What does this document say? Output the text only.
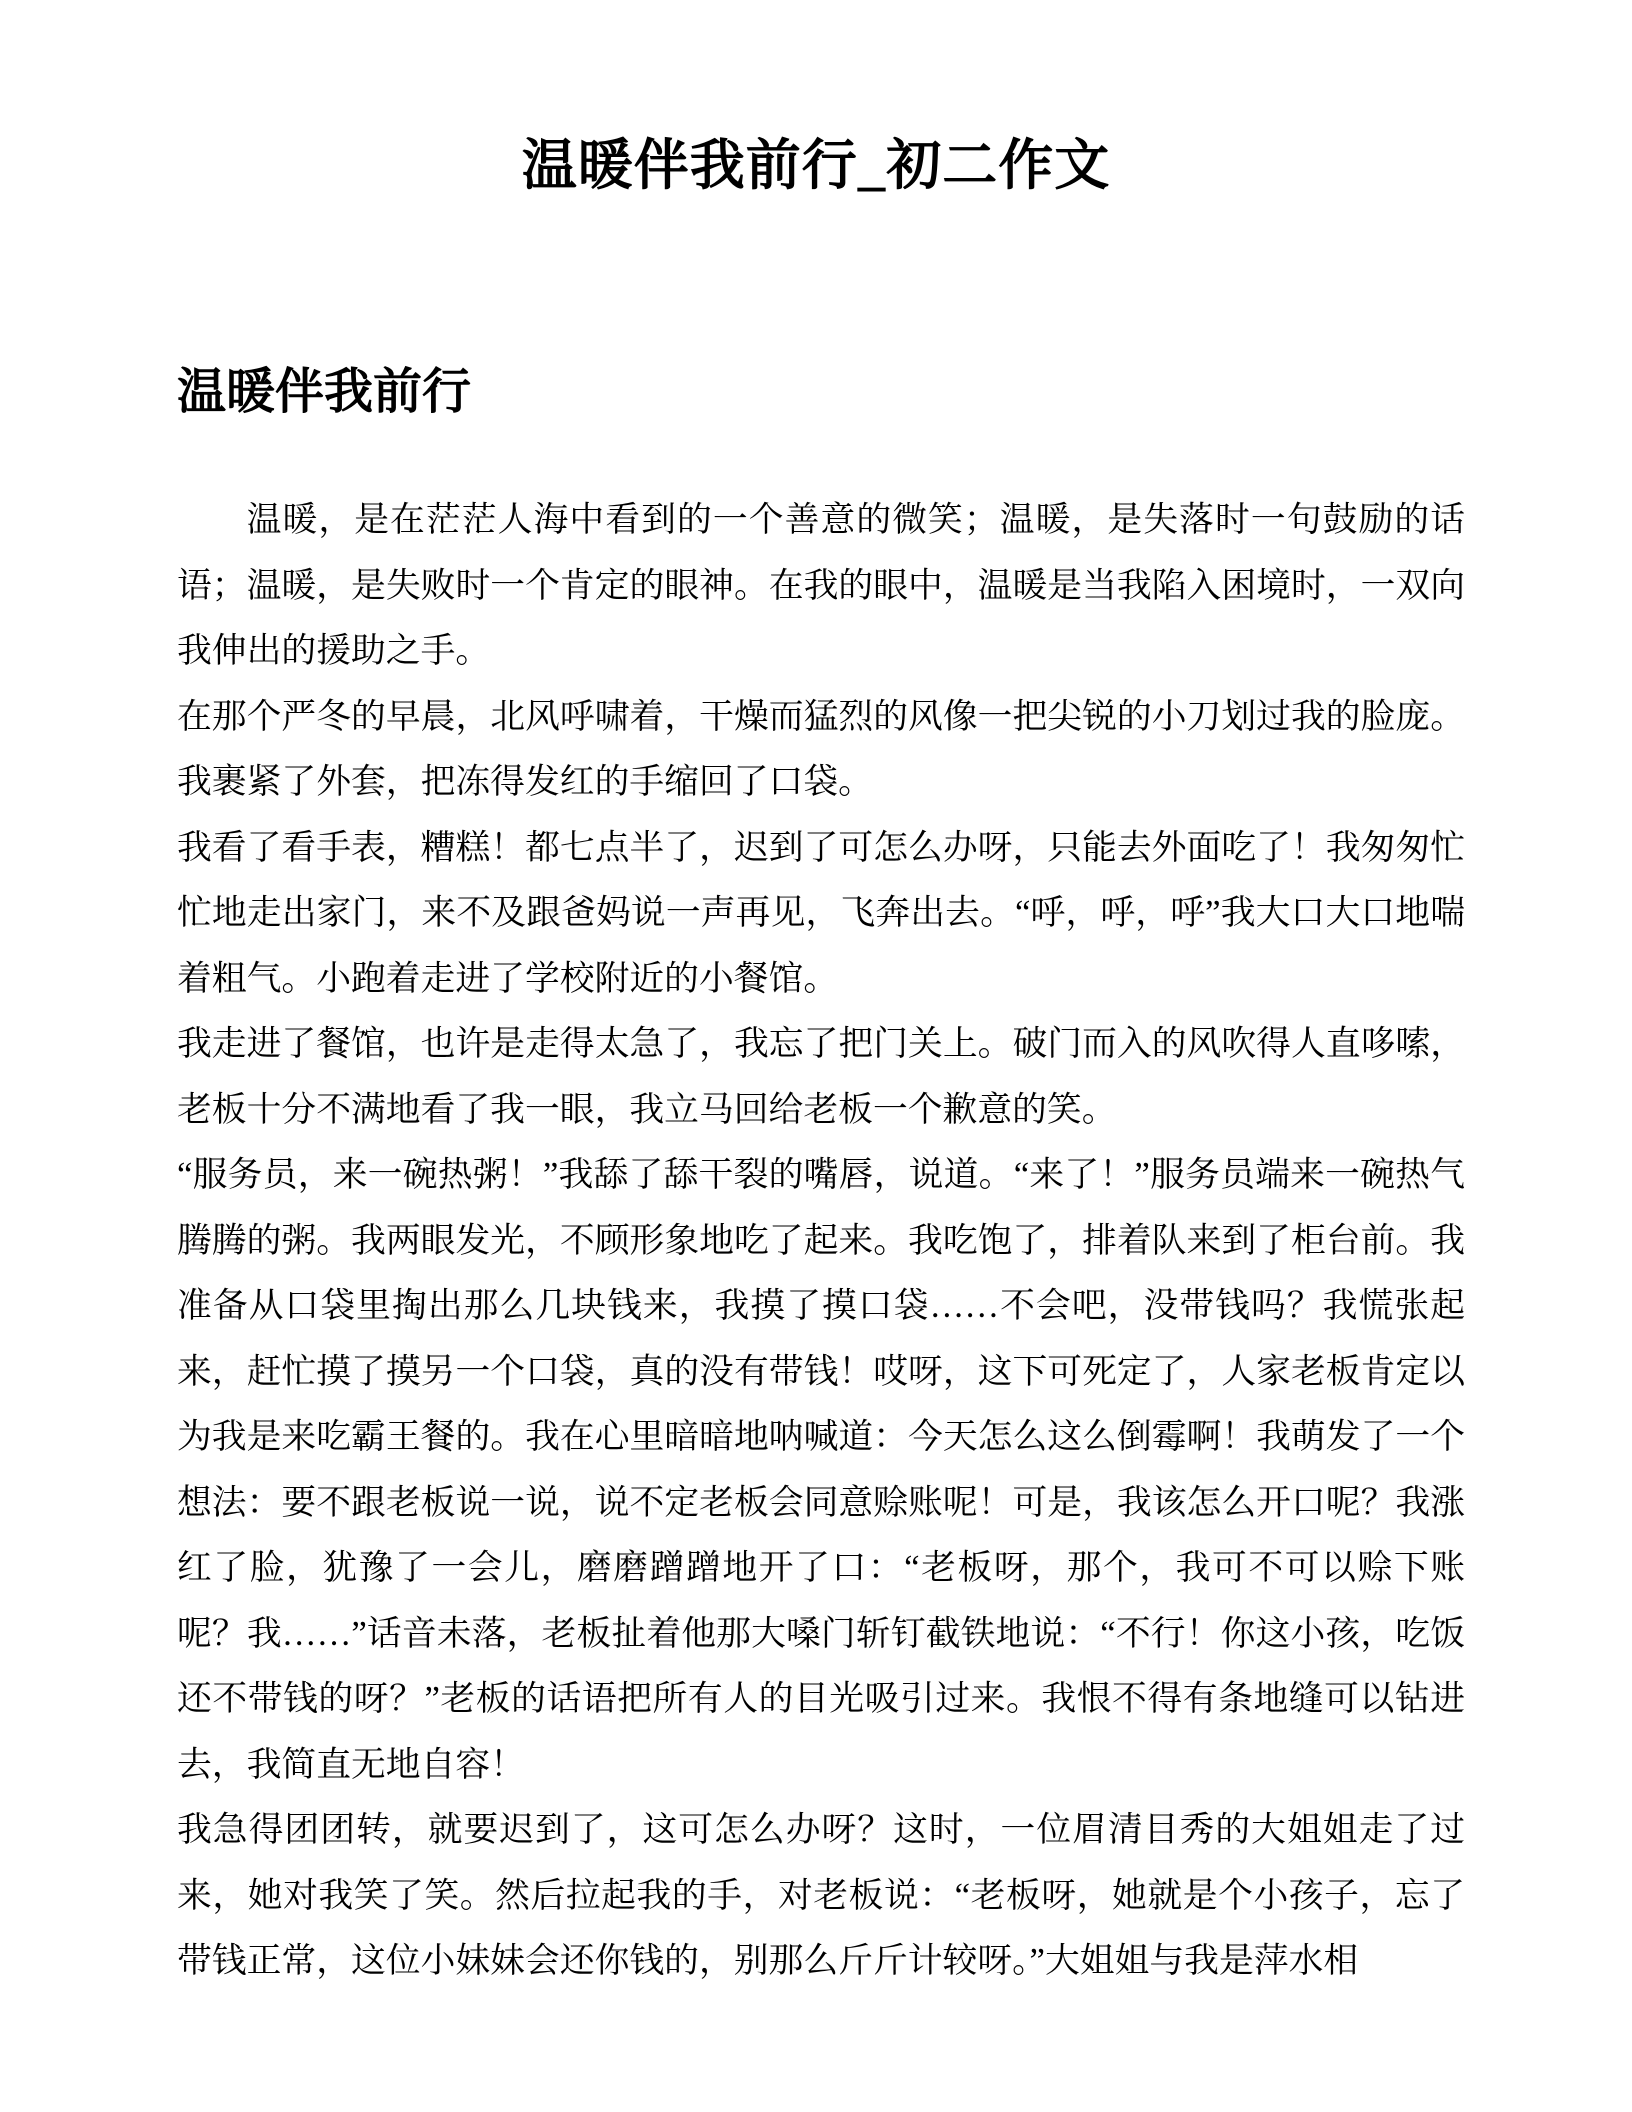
温暖伴我前行_初二作文
温暖伴我前行

温暖，是在茫茫人海中看到的一个善意的微笑；温暖，是失落时一句鼓励的话语；温暖，是失败时一个肯定的眼神。在我的眼中，温暖是当我陷入困境时，一双向我伸出的援助之手。

在那个严冬的早晨，北风呼啸着，干燥而猛烈的风像一把尖锐的小刀划过我的脸庞。我裹紧了外套，把冻得发红的手缩回了口袋。

我看了看手表，糟糕！都七点半了，迟到了可怎么办呀，只能去外面吃了！我匆匆忙忙地走出家门，来不及跟爸妈说一声再见，飞奔出去。“呼，呼，呼”我大口大口地喘着粗气。小跑着走进了学校附近的小餐馆。

我走进了餐馆，也许是走得太急了，我忘了把门关上。破门而入的风吹得人直哆嗦，老板十分不满地看了我一眼，我立马回给老板一个歉意的笑。

“服务员，来一碗热粥！”我舔了舔干裂的嘴唇，说道。“来了！”服务员端来一碗热气腾腾的粥。我两眼发光，不顾形象地吃了起来。我吃饱了，排着队来到了柜台前。我准备从口袋里掏出那么几块钱来，我摸了摸口袋……不会吧，没带钱吗？我慌张起来，赶忙摸了摸另一个口袋，真的没有带钱！哎呀，这下可死定了，人家老板肯定以为我是来吃霸王餐的。我在心里暗暗地呐喊道：今天怎么这么倒霉啊！我萌发了一个想法：要不跟老板说一说，说不定老板会同意赊账呢！可是，我该怎么开口呢？我涨红了脸，犹豫了一会儿，磨磨蹭蹭地开了口：“老板呀，那个，我可不可以赊下账呢？我……”话音未落，老板扯着他那大嗓门斩钉截铁地说：“不行！你这小孩，吃饭还不带钱的呀？”老板的话语把所有人的目光吸引过来。我恨不得有条地缝可以钻进去，我简直无地自容！

我急得团团转，就要迟到了，这可怎么办呀？这时，一位眉清目秀的大姐姐走了过来，她对我笑了笑。然后拉起我的手，对老板说：“老板呀，她就是个小孩子，忘了带钱正常，这位小妹妹会还你钱的，别那么斤斤计较呀。”大姐姐与我是萍水相
